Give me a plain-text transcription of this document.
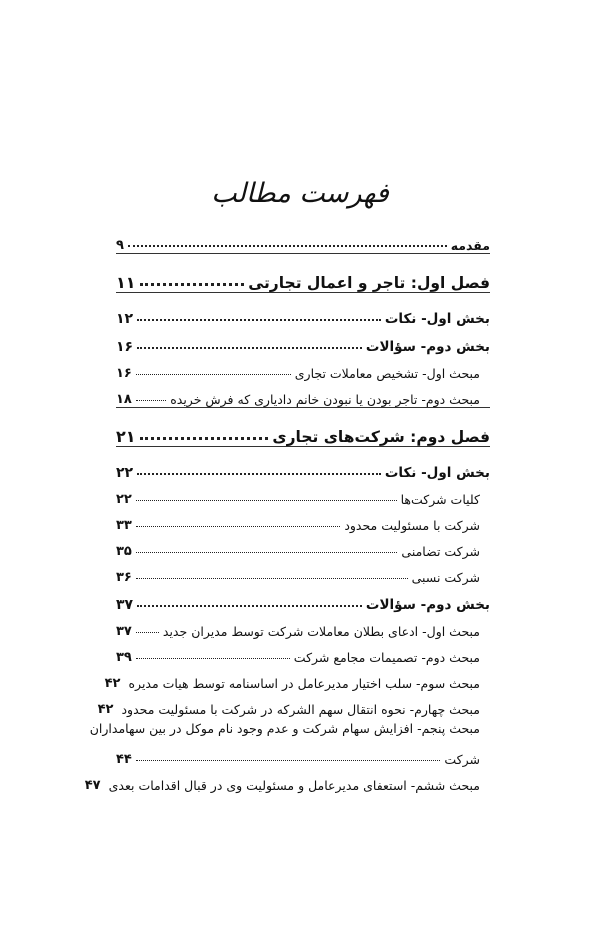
فهرست مطالب
مقدمه
۹
فصل اول: تاجر و اعمال تجارتی
۱۱
بخش اول- نکات
۱۲
بخش دوم- سؤالات
۱۶
مبحث اول- تشخیص معاملات تجاری
۱۶
مبحث دوم- تاجر بودن یا نبودن خانم دادیاری که فرش خریده
۱۸
فصل دوم: شرکت‌های تجاری
۲۱
بخش اول- نکات
۲۲
کلیات شرکت‌ها
۲۲
شرکت با مسئولیت محدود
۳۳
شرکت تضامنی
۳۵
شرکت نسبی
۳۶
بخش دوم- سؤالات
۳۷
مبحث اول- ادعای بطلان معاملات شرکت توسط مدیران جدید
۳۷
مبحث دوم- تصمیمات مجامع شرکت
۳۹
مبحث سوم- سلب اختیار مدیرعامل در اساسنامه توسط هیات مدیره
۴۲
مبحث چهارم- نحوه انتقال سهم الشرکه در شرکت با مسئولیت محدود
۴۲
مبحث پنجم- افزایش سهام شرکت و عدم وجود نام موکل در بین سهامداران
شرکت
۴۴
مبحث ششم- استعفای مدیرعامل و مسئولیت وی در قبال اقدامات بعدی
۴۷
